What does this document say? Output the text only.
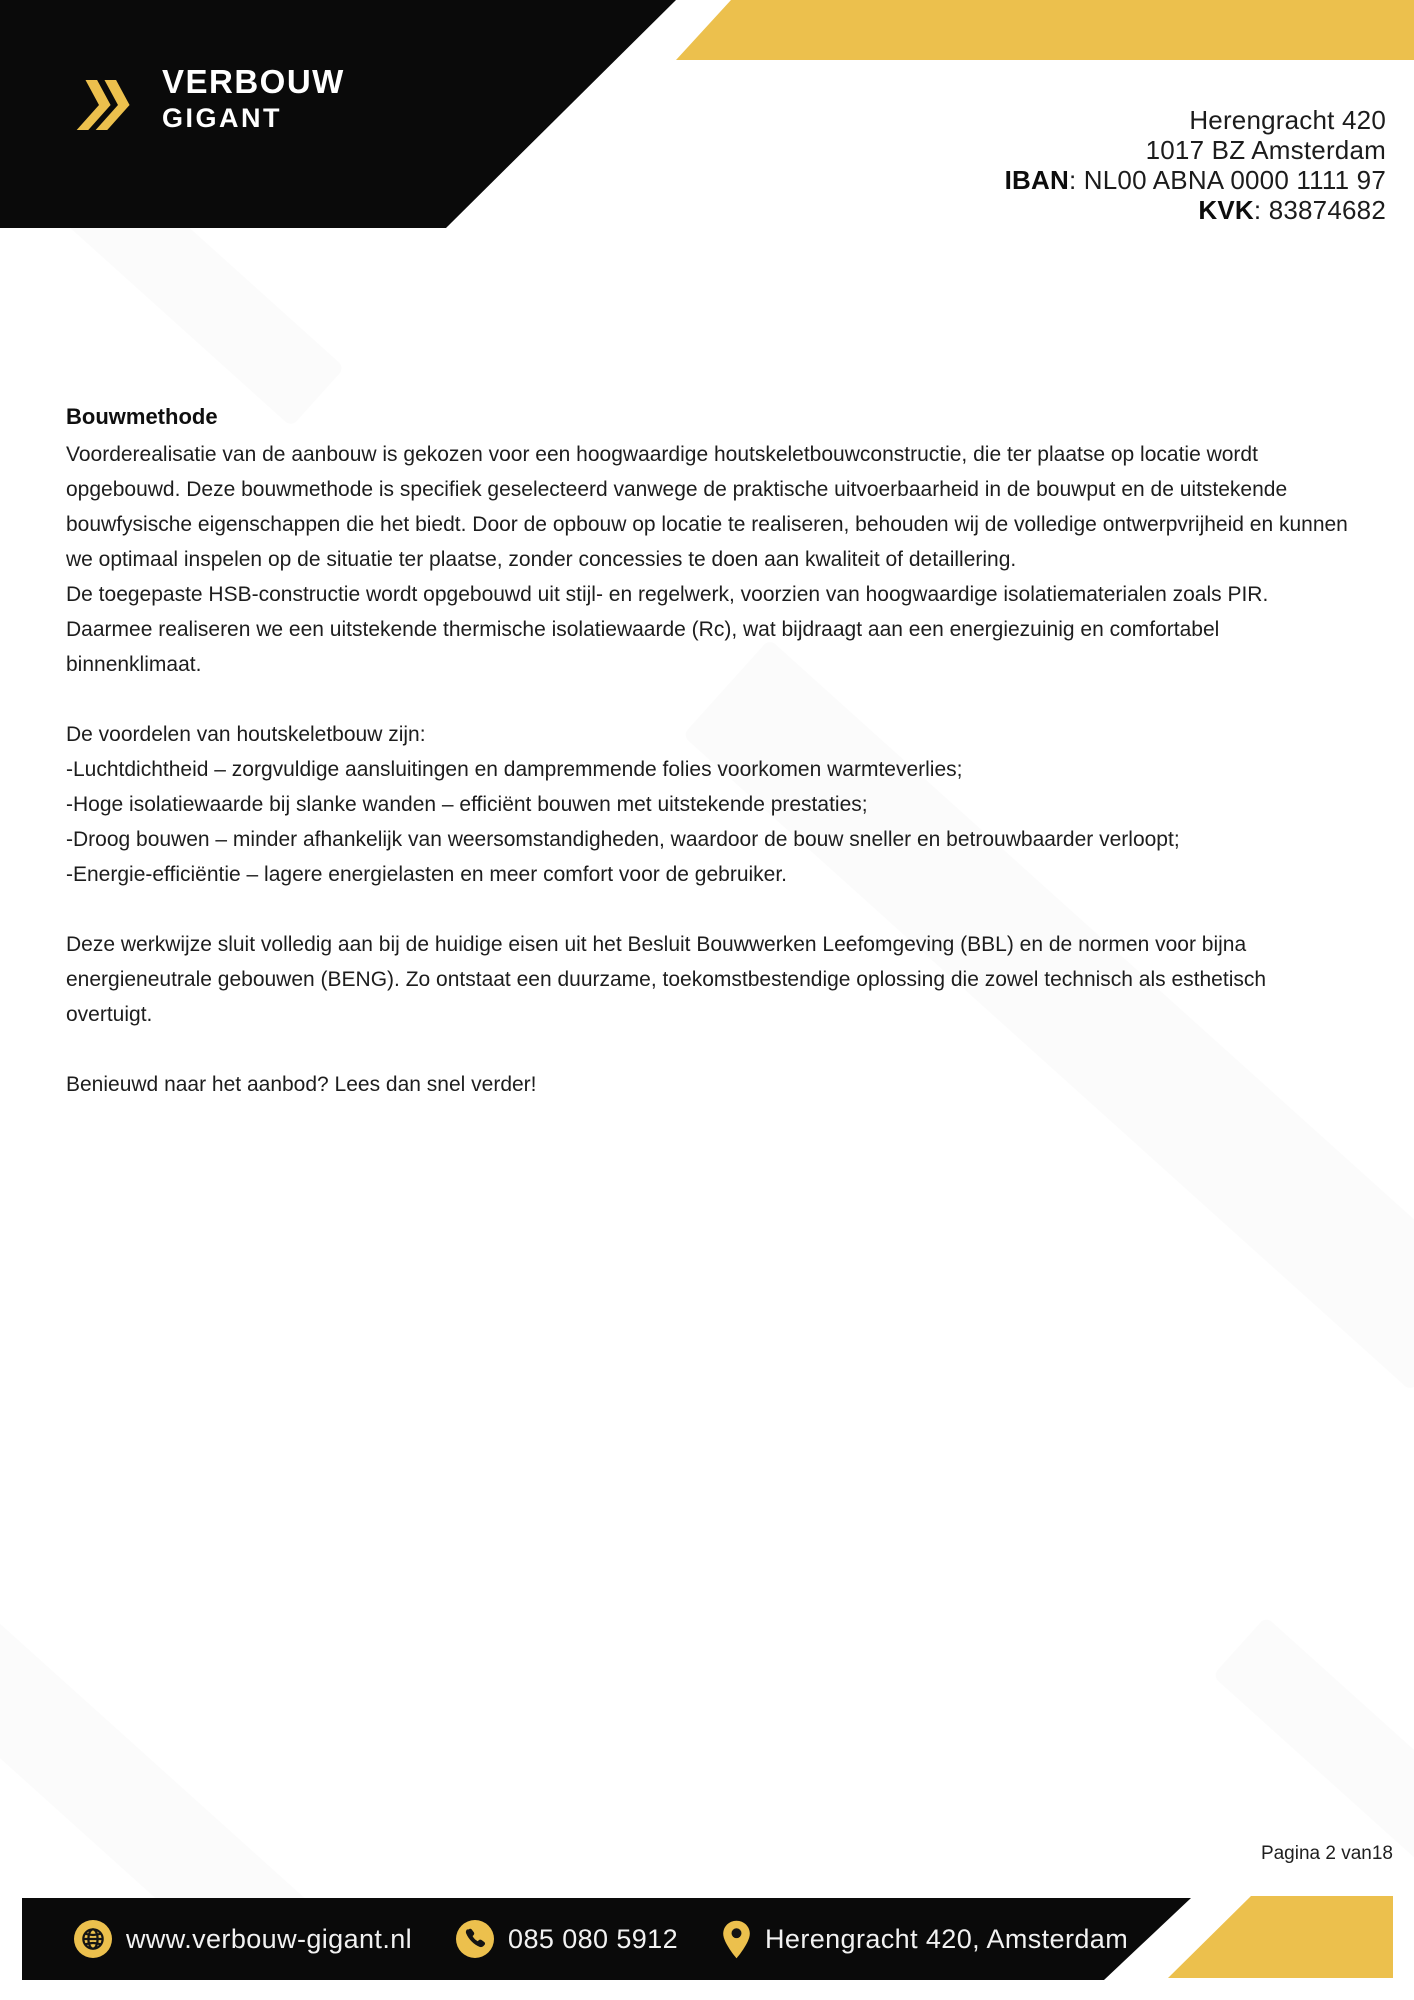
VERBOUW
GIGANT	Herengracht 420
1017 BZ Amsterdam
IBAN: NL00 ABNA 0000 1111 97
KVK: 83874682
Bouwmethode

Voorderealisatie van de aanbouw is gekozen voor een hoogwaardige houtskeletbouwconstructie, die ter plaatse op locatie wordt opgebouwd. Deze bouwmethode is specifiek geselecteerd vanwege de praktische uitvoerbaarheid in de bouwput en de uitstekende bouwfysische eigenschappen die het biedt. Door de opbouw op locatie te realiseren, behouden wij de volledige ontwerpvrijheid en kunnen we optimaal inspelen op de situatie ter plaatse, zonder concessies te doen aan kwaliteit of detaillering.

De toegepaste HSB-constructie wordt opgebouwd uit stijl- en regelwerk, voorzien van hoogwaardige isolatiematerialen zoals PIR. Daarmee realiseren we een uitstekende thermische isolatiewaarde (Rc), wat bijdraagt aan een energiezuinig en comfortabel binnenklimaat.

De voordelen van houtskeletbouw zijn:
-Luchtdichtheid – zorgvuldige aansluitingen en dampremmende folies voorkomen warmteverlies;
-Hoge isolatiewaarde bij slanke wanden – efficiënt bouwen met uitstekende prestaties;
-Droog bouwen – minder afhankelijk van weersomstandigheden, waardoor de bouw sneller en betrouwbaarder verloopt;
-Energie-efficiëntie – lagere energielasten en meer comfort voor de gebruiker.

Deze werkwijze sluit volledig aan bij de huidige eisen uit het Besluit Bouwwerken Leefomgeving (BBL) en de normen voor bijna energieneutrale gebouwen (BENG). Zo ontstaat een duurzame, toekomstbestendige oplossing die zowel technisch als esthetisch overtuigt.

Benieuwd naar het aanbod? Lees dan snel verder!

Pagina 2 van18
www.verbouw-gigant.nl	085 080 5912	Herengracht 420, Amsterdam
